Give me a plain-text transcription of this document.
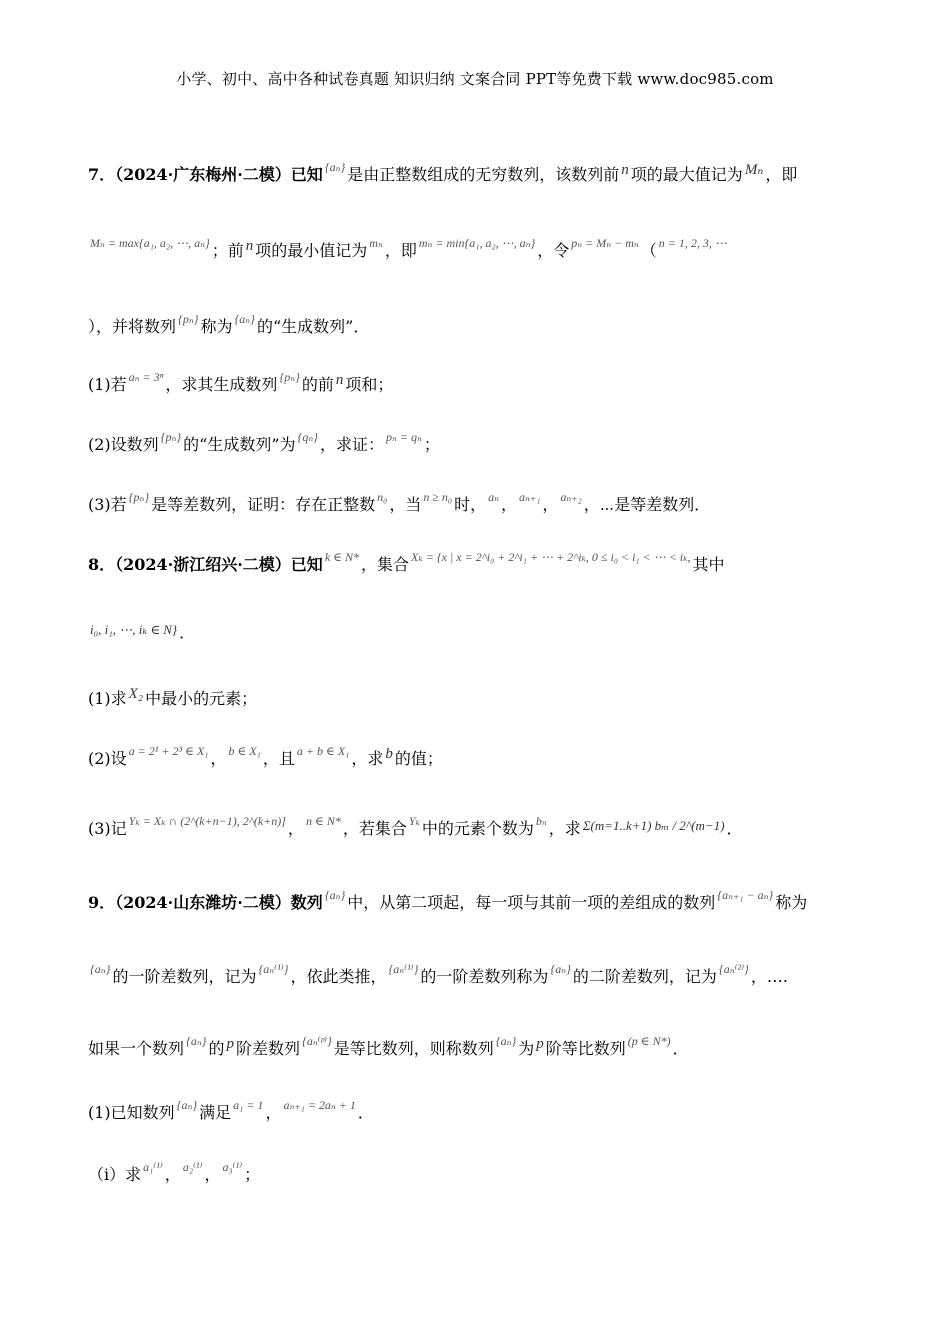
小学、初中、高中各种试卷真题 知识归纳 文案合同 PPT等免费下载 www.doc985.com
7．（2024·广东梅州·二模）已知 $^{\{a_n\}}$ 是由正整数组成的无穷数列，该数列前 n 项的最大值记为 Mₙ ，即
$^{M_n = max\{a_1, a_2, \cdots, a_n\}}$ ；前 n 项的最小值记为 $^{m_n}$ ，即 $^{m_n = min\{a_1, a_2, \cdots, a_n\}}$ ，令 $^{p_n = M_n - m_n}$ （ $^{n = 1, 2, 3, \cdots}$
），并将数列 $^{\{p_n\}}$ 称为 $^{\{a_n\}}$ 的“生成数列”．
(1)若 $^{a_n = 3^n}$ ，求其生成数列 $^{\{p_n\}}$ 的前 n 项和；
(2)设数列 $^{\{p_n\}}$ 的“生成数列”为 $^{\{q_n\}}$ ，求证： $^{p_n = q_n}$ ；
(3)若 $^{\{p_n\}}$ 是等差数列，证明：存在正整数 $^{n_0}$ ，当 $^{n \ge n_0}$ 时， $^{a_n}$ ， $^{a_{n+1}}$ ， $^{a_{n+2}}$ ，⋯是等差数列．
8．（2024·浙江绍兴·二模）已知 $^{k \in N*}$ ，集合 $^{X_k = \{x | x = 2\^{}i_0 + 2\^{}i_1 + \cdots + 2\^{}i_k, 0 \le i_0 < i_1 < \cdots < i_k,}$ 其中
$^{i_0, i_1, \cdots, i_k \in N\}}$ ．
(1)求 X₂ 中最小的元素；
(2)设 $^{a = 2^1 + 2^3 \in X_1}$ ， $^{b \in X_1}$ ，且 $^{a + b \in X_1}$ ，求 b 的值；
(3)记 $^{Y_k = X_k \cap (2\^{}(k+n-1), 2\^{}(k+n)]}$ ， $^{n \in N*}$ ，若集合 $^{Y_k}$ 中的元素个数为 $^{b_n}$ ，求 $^{\Sigma(m=1..k+1) b_m / 2\^{}(m-1)}$ ．
9．（2024·山东潍坊·二模）数列 $^{\{a_n\}}$ 中，从第二项起，每一项与其前一项的差组成的数列 $^{\{a_{n+1} - a_n\}}$ 称为
$^{\{a_n\}}$ 的一阶差数列，记为 $^{\{a_n^{(1)}\}}$ ，依此类推， $^{\{a_n^{(1)}\}}$ 的一阶差数列称为 $^{\{a_n\}}$ 的二阶差数列，记为 $^{\{a_n^{(2)}\}}$ ，….
如果一个数列 $^{\{a_n\}}$ 的 p 阶差数列 $^{\{a_n^(ᵖ^)\}}$ 是等比数列，则称数列 $^{\{a_n\}}$ 为 p 阶等比数列 $^{(p \in N*)}$ ．
(1)已知数列 $^{\{a_n\}}$ 满足 $^{a_1 = 1}$ ， $^{a_{n+1} = 2a_n + 1}$ ．
（ⅰ）求 $^{a_1^{(1)}}$ ， $^{a_2^{(1)}}$ ， $^{a_3^{(1)}}$ ；
